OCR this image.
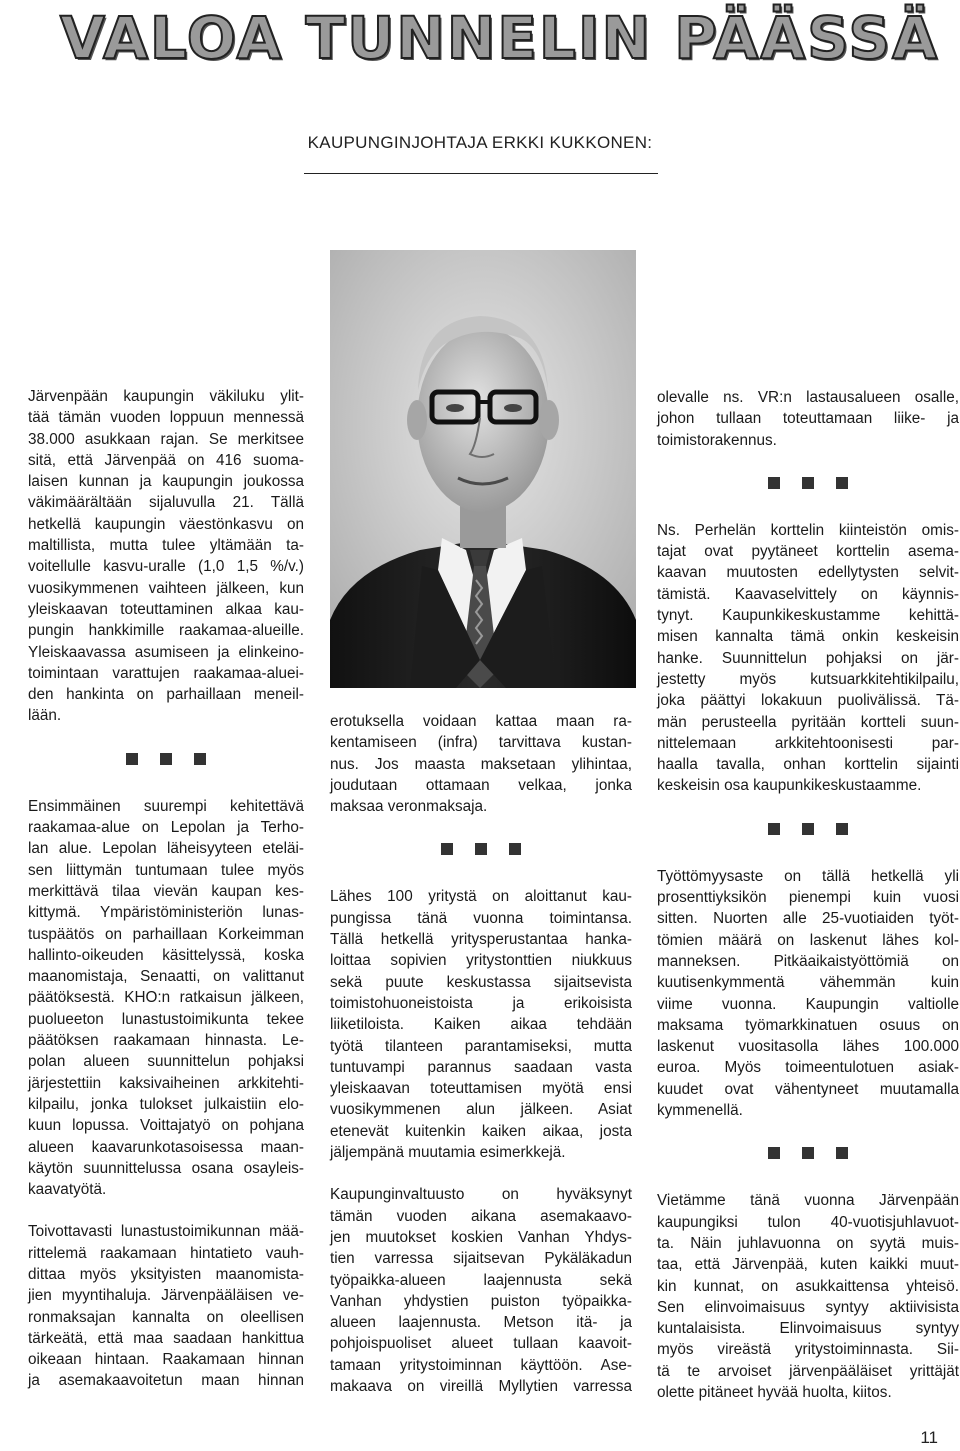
VALOA TUNNELIN PÄÄSSÄ
KAUPUNGINJOHTAJA ERKKI KUKKONEN:

Järvenpään kaupungin väkiluku ylit-
tää tämän vuoden loppuun mennessä
38.000 asukkaan rajan. Se merkitsee
sitä, että Järvenpää on 416 suoma-
laisen kunnan ja kaupungin joukossa
väkimäärältään sijaluvulla 21. Tällä
hetkellä kaupungin väestönkasvu on
maltillista, mutta tulee yltämään ta-
voitellulle kasvu-uralle (1,0 1,5 %/v.)
vuosikymmenen vaihteen jälkeen, kun
yleiskaavan toteuttaminen alkaa kau-
pungin hankkimille raakamaa-alueille.
Yleiskaavassa asumiseen ja elinkeino-
toimintaan varattujen raakamaa-aluei-
den hankinta on parhaillaan meneil-
lään.

Ensimmäinen suurempi kehitettävä
raakamaa-alue on Lepolan ja Terho-
lan alue. Lepolan läheisyyteen eteläi-
sen liittymän tuntumaan tulee myös
merkittävä tilaa vievän kaupan kes-
kittymä. Ympäristöministeriön lunas-
tuspäätös on parhaillaan Korkeimman
hallinto-oikeuden käsittelyssä, koska
maanomistaja, Senaatti, on valittanut
päätöksestä. KHO:n ratkaisun jälkeen,
puolueeton lunastustoimikunta tekee
päätöksen raakamaan hinnasta. Le-
polan alueen suunnittelun pohjaksi
järjestettiin kaksivaiheinen arkkitehti-
kilpailu, jonka tulokset julkaistiin elo-
kuun lopussa. Voittajatyö on pohjana
alueen kaavarunkotasoisessa maan-
käytön suunnittelussa osana osayleis-
kaavatyötä.

Toivottavasti lunastustoimikunnan mää-
rittelemä raakamaan hintatieto vauh-
dittaa myös yksityisten maanomista-
jien myyntihaluja. Järvenpääläisen ve-
ronmaksajan kannalta on oleellisen
tärkeätä, että maa saadaan hankittua
oikeaan hintaan. Raakamaan hinnan
ja asemakaavoitetun maan hinnan

erotuksella voidaan kattaa maan ra-
kentamiseen (infra) tarvittava kustan-
nus. Jos maasta maksetaan ylihintaa,
joudutaan ottamaan velkaa, jonka
maksaa veronmaksaja.

Lähes 100 yritystä on aloittanut kau-
pungissa tänä vuonna toimintansa.
Tällä hetkellä yritysperustantaa hanka-
loittaa sopivien yritystonttien niukkuus
sekä puute keskustassa sijaitsevista
toimistohuoneistoista ja erikoisista
liiketiloista. Kaiken aikaa tehdään
työtä tilanteen parantamiseksi, mutta
tuntuvampi parannus saadaan vasta
yleiskaavan toteuttamisen myötä ensi
vuosikymmenen alun jälkeen. Asiat
etenevät kuitenkin kaiken aikaa, josta
jäljempänä muutamia esimerkkejä.

Kaupunginvaltuusto on hyväksynyt
tämän vuoden aikana asemakaavo-
jen muutokset koskien Vanhan Yhdys-
tien varressa sijaitsevan Pykäläkadun
työpaikka-alueen laajennusta sekä
Vanhan yhdystien puiston työpaikka-
alueen laajennusta. Metson itä- ja
pohjoispuoliset alueet tullaan kaavoit-
tamaan yritystoiminnan käyttöön. Ase-
makaava on vireillä Myllytien varressa

olevalle ns. VR:n lastausalueen osalle,
johon tullaan toteuttamaan liike- ja
toimistorakennus.

Ns. Perhelän korttelin kiinteistön omis-
tajat ovat pyytäneet korttelin asema-
kaavan muutosten edellytysten selvit-
tämistä. Kaavaselvittely on käynnis-
tynyt. Kaupunkikeskustamme kehittä-
misen kannalta tämä onkin keskeisin
hanke. Suunnittelun pohjaksi on jär-
jestetty myös kutsuarkkitehtikilpailu,
joka päättyi lokakuun puolivälissä. Tä-
män perusteella pyritään kortteli suun-
nittelemaan arkkitehtoonisesti par-
haalla tavalla, onhan korttelin sijainti
keskeisin osa kaupunkikeskustaamme.

Työttömyysaste on tällä hetkellä yli
prosenttiyksikön pienempi kuin vuosi
sitten. Nuorten alle 25-vuotiaiden työt-
tömien määrä on laskenut lähes kol-
manneksen. Pitkäaikaistyöttömiä on
kuutisenkymmentä vähemmän kuin
viime vuonna. Kaupungin valtiolle
maksama työmarkkinatuen osuus on
laskenut vuositasolla lähes 100.000
euroa. Myös toimeentulotuen asiak-
kuudet ovat vähentyneet muutamalla
kymmenellä.

Vietämme tänä vuonna Järvenpään
kaupungiksi tulon 40-vuotisjuhlavuot-
ta. Näin juhlavuonna on syytä muis-
taa, että Järvenpää, kuten kaikki muut-
kin kunnat, on asukkaittensa yhteisö.
Sen elinvoimaisuus syntyy aktiivisista
kuntalaisista. Elinvoimaisuus syntyy
myös vireästä yritystoiminnasta. Sii-
tä te arvoiset järvenpääläiset yrittäjät
olette pitäneet hyvää huolta, kiitos.

11
